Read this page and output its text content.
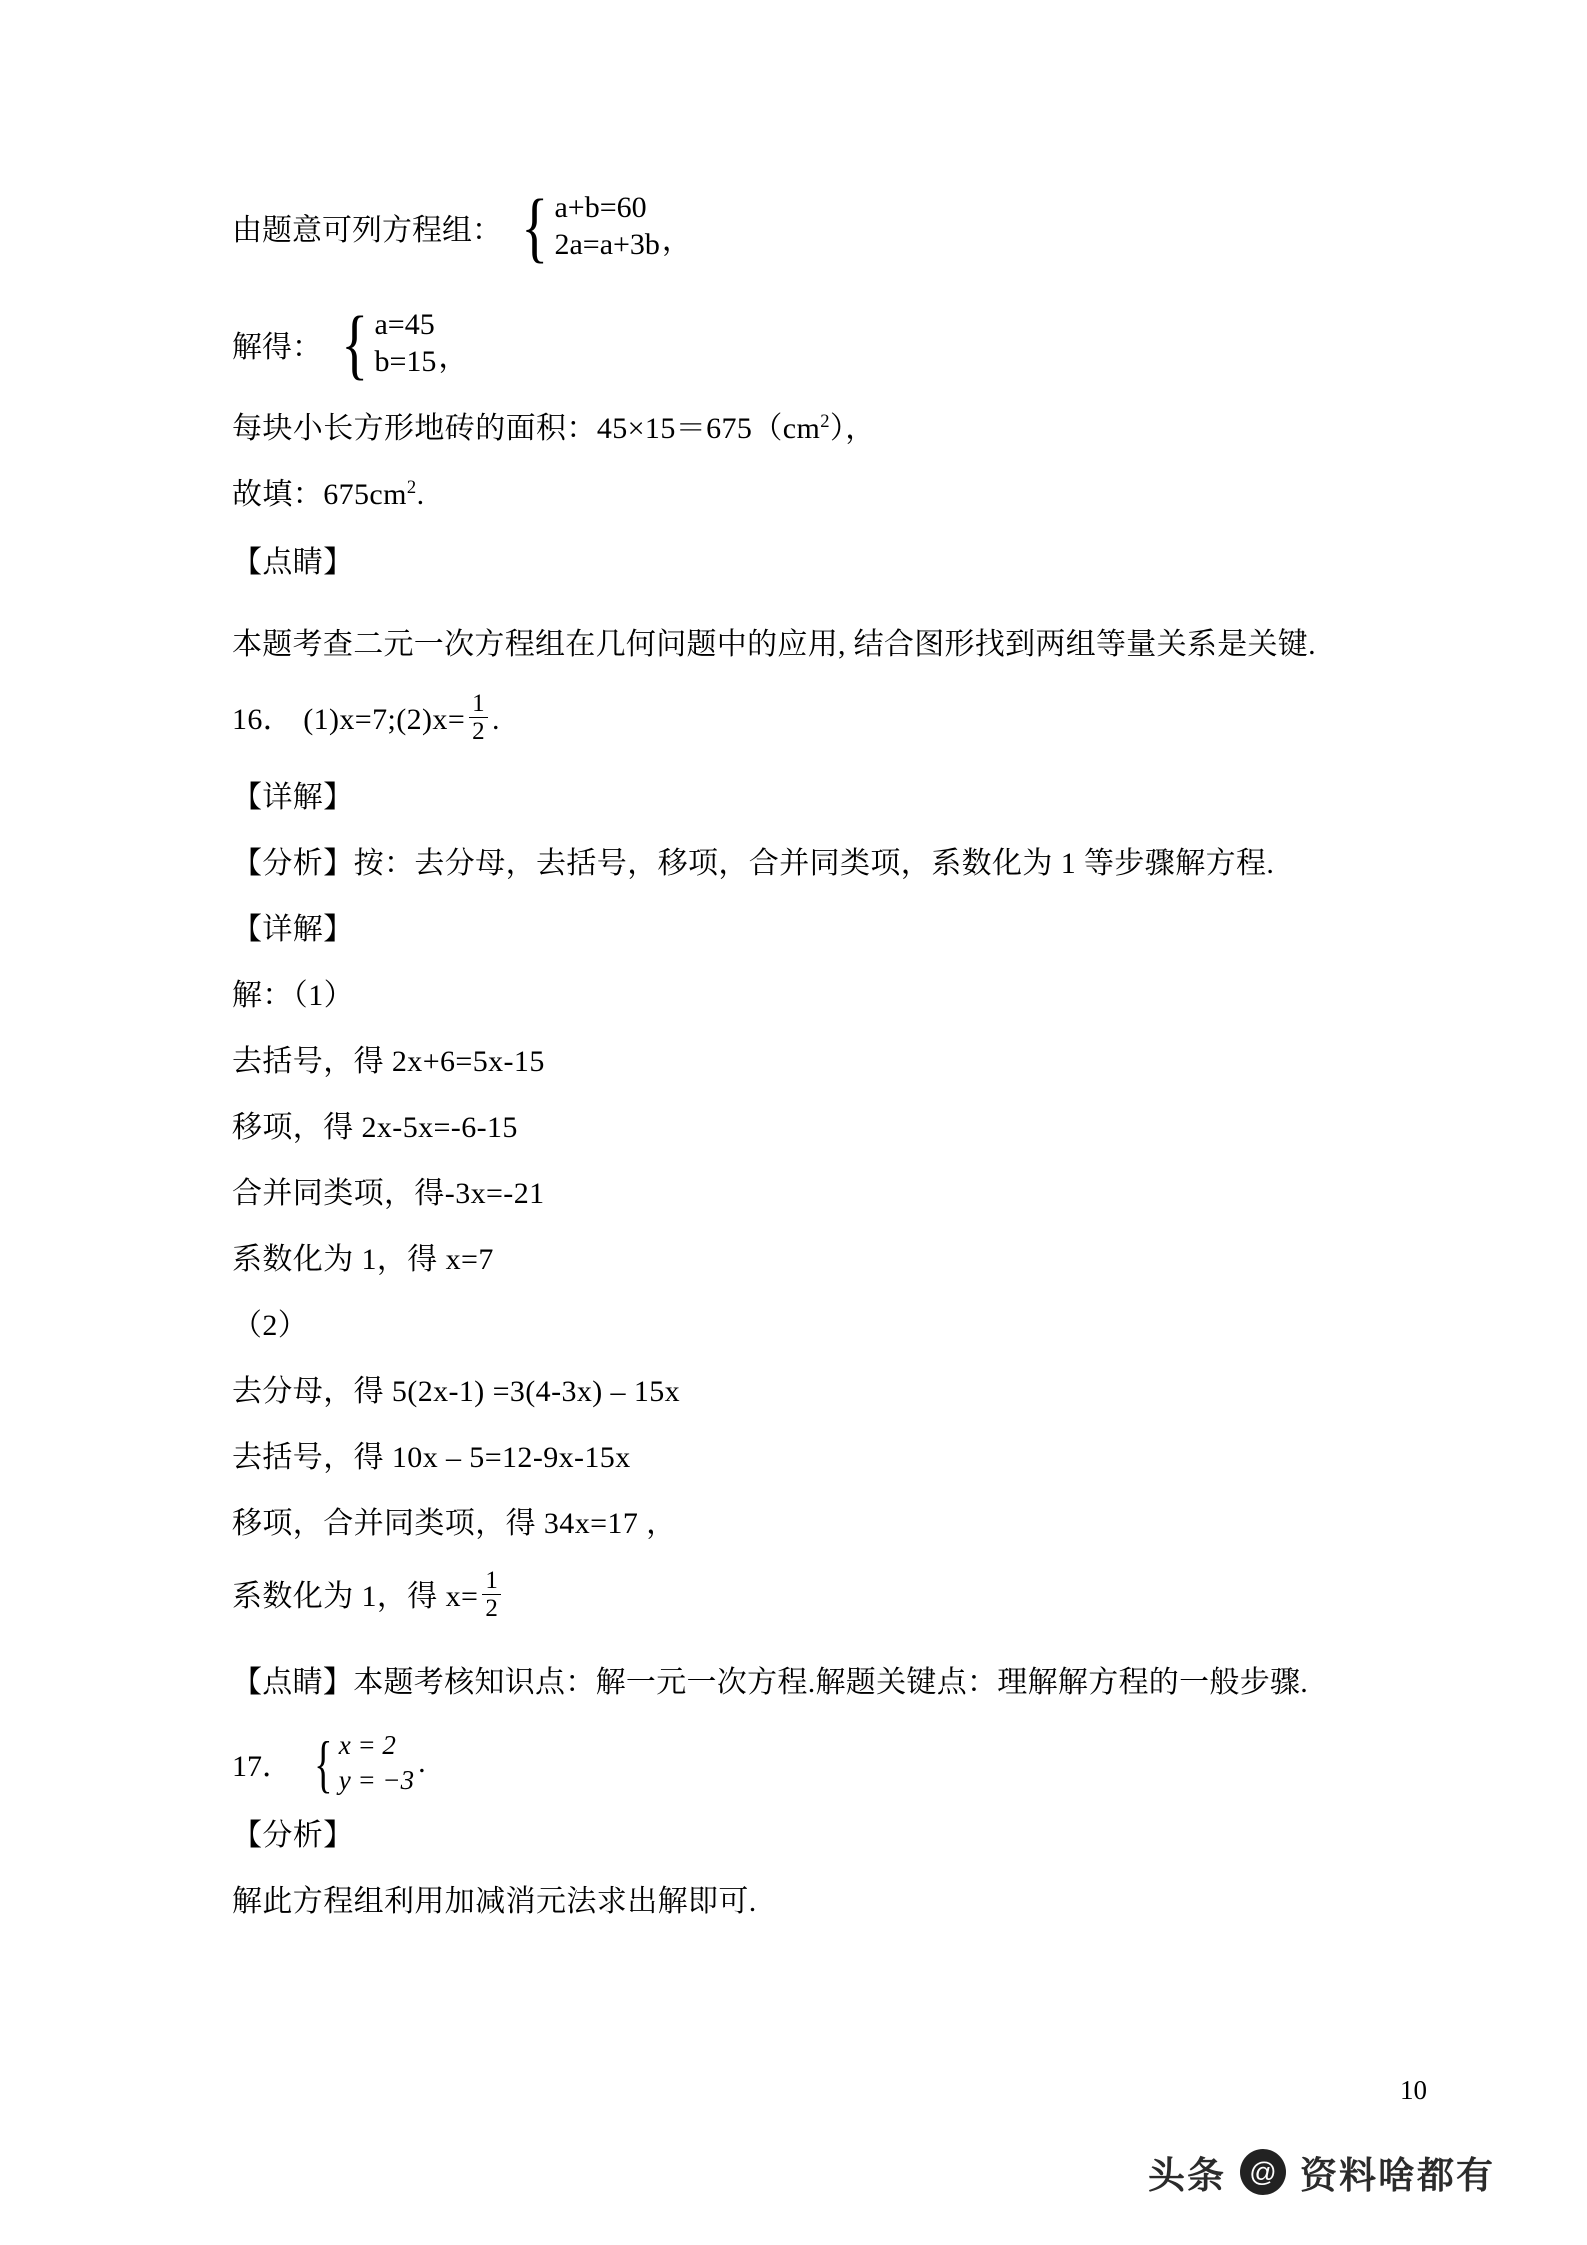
由题意可列方程组： { a+b=60
2a=a+3b ，
解得： { a=45
b=15 ，
每块小长方形地砖的面积：$45\times 15=675(cm^2)$，
故填：$675cm^2$.
【点睛】
本题考查二元一次方程组在几何问题中的应用, 结合图形找到两组等量关系是关键.
16． (1)x=7;(2)x= $\frac{1}{2}$ .
【详解】
【分析】按：去分母，去括号，移项，合并同类项，系数化为 1 等步骤解方程.
【详解】
解：（1）
去括号，得 2x+6=5x-15
移项，得 2x-5x=-6-15
合并同类项，得-3x=-21
系数化为 1，得 x=7
（2）
去分母，得 5(2x-1) =3(4-3x) – 15x
去括号，得 10x – 5=12-9x-15x
移项，合并同类项，得 34x=17 ，
系数化为 1，得 $x= \frac{1}{2}$
【点睛】本题考核知识点：解一元一次方程.解题关键点：理解解方程的一般步骤.
17． { x = 2
y = −3
.
【分析】
解此方程组利用加减消元法求出解即可.
10
头条 @ 资料啥都有
